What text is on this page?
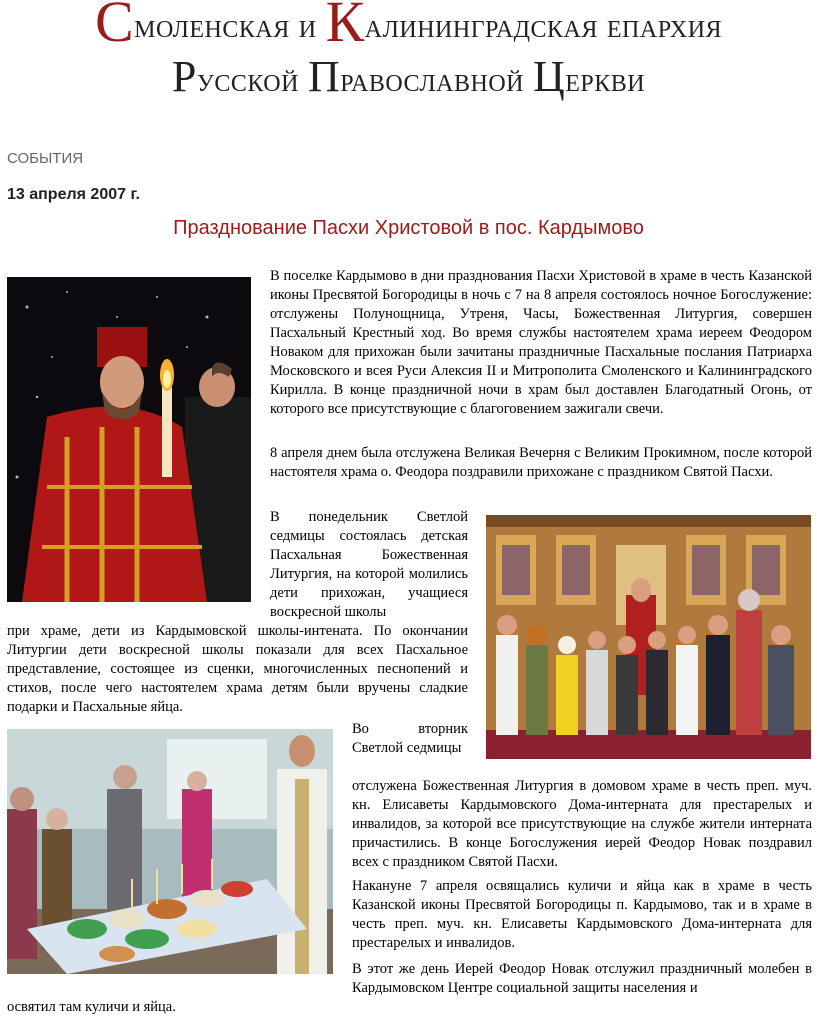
Смоленская и Калининградская епархия
Русской Православной Церкви
СОБЫТИЯ
13 апреля 2007 г.
Празднование Пасхи Христовой в пос. Кардымово

В поселке Кардымово в дни празднования Пасхи Христовой в храме в честь Казанской иконы Пресвятой Богородицы в ночь с 7 на 8 апреля состоялось ночное Богослужение: отслужены Полунощница, Утреня, Часы, Божественная Литургия, совершен Пасхальный Крестный ход. Во время службы настоятелем храма иереем Феодором Новаком для прихожан были зачитаны праздничные Пасхальные послания Патриарха Московского и всея Руси Алексия II и Митрополита Смоленского и Калининградского Кирилла. В конце праздничной ночи в храм был доставлен Благодатный Огонь, от которого все присутствующие с благоговением зажигали свечи.

8 апреля днем была отслужена Великая Вечерня с Великим Прокимном, после которой настоятеля храма о. Феодора поздравили прихожане с праздником Святой Пасхи.

В понедельник Светлой седмицы состоялась детская Пасхальная Божественная Литургия, на которой молились дети прихожан, учащиеся воскресной школы

при храме, дети из Кардымовской школы-интената. По окончании Литургии дети воскресной школы показали для всех Пасхальное представление, состоящее из сценки, многочисленных песнопений и стихов, после чего настоятелем храма детям были вручены сладкие подарки и Пасхальные яйца.

Во вторник Светлой седмицы

отслужена Божественная Литургия в домовом храме в честь преп. муч. кн. Елисаветы Кардымовского Дома-интерната для престарелых и инвалидов, за которой все присутствующие на службе жители интерната причастились. В конце Богослужения иерей Феодор Новак поздравил всех с праздником Святой Пасхи.

Накануне 7 апреля освящались куличи и яйца как в храме в честь Казанской иконы Пресвятой Богородицы п. Кардымово, так и в храме в честь преп. муч. кн. Елисаветы Кардымовского Дома-интерната для престарелых и инвалидов.

В этот же день Иерей Феодор Новак отслужил праздничный молебен в Кардымовском Центре социальной защиты населения и

освятил там куличи и яйца.
